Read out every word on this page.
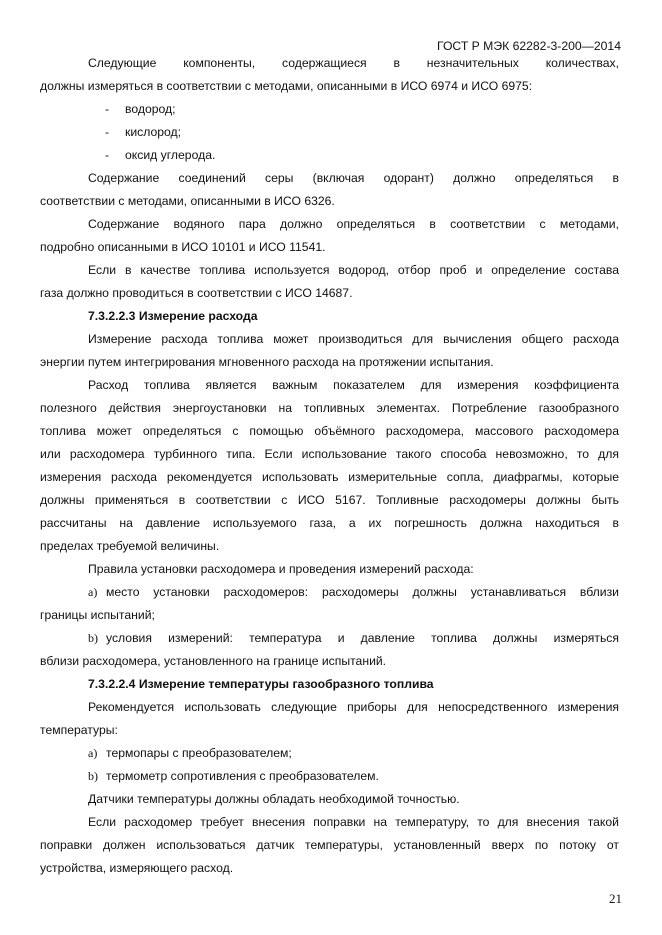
ГОСТ Р МЭК 62282-3-200—2014
Следующие компоненты, содержащиеся в незначительных количествах,
должны измеряться в соответствии с методами, описанными в ИСО 6974 и ИСО 6975:
- водород;
- кислород;
- оксид углерода.
Содержание соединений серы (включая одорант) должно определяться в
соответствии с методами, описанными в ИСО 6326.
Содержание водяного пара должно определяться в соответствии с методами,
подробно описанными в ИСО 10101 и ИСО 11541.
Если в качестве топлива используется водород, отбор проб и определение состава
газа должно проводиться в соответствии с ИСО 14687.
7.3.2.2.3 Измерение расхода
Измерение расхода топлива может производиться для вычисления общего расхода
энергии путем интегрирования мгновенного расхода на протяжении испытания.
Расход топлива является важным показателем для измерения коэффициента
полезного действия энергоустановки на топливных элементах. Потребление газообразного
топлива может определяться с помощью объёмного расходомера, массового расходомера
или расходомера турбинного типа. Если использование такого способа невозможно, то для
измерения расхода рекомендуется использовать измерительные сопла, диафрагмы, которые
должны применяться в соответствии с ИСО 5167. Топливные расходомеры должны быть
рассчитаны на давление используемого газа, а их погрешность должна находиться в
пределах требуемой величины.
Правила установки расходомера и проведения измерений расхода:
a) место установки расходомеров: расходомеры должны устанавливаться вблизи
границы испытаний;
b) условия измерений: температура и давление топлива должны измеряться
вблизи расходомера, установленного на границе испытаний.
7.3.2.2.4 Измерение температуры газообразного топлива
Рекомендуется использовать следующие приборы для непосредственного измерения
температуры:
a) термопары с преобразователем;
b) термометр сопротивления с преобразователем.
Датчики температуры должны обладать необходимой точностью.
Если расходомер требует внесения поправки на температуру, то для внесения такой
поправки должен использоваться датчик температуры, установленный вверх по потоку от
устройства, измеряющего расход.
21
